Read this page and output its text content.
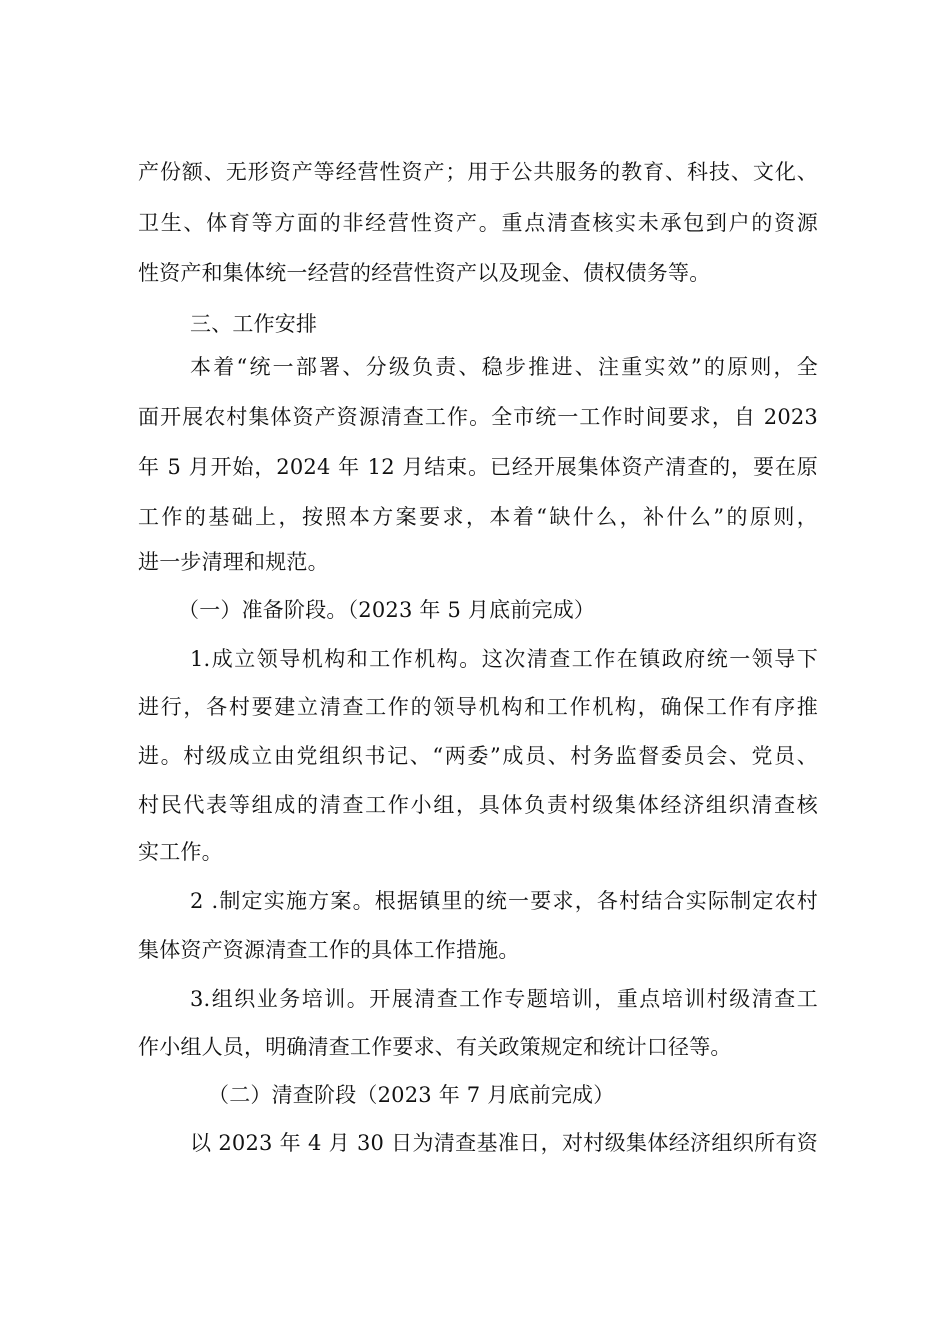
产份额、无形资产等经营性资产；用于公共服务的教育、科技、文化、
卫生、体育等方面的非经营性资产。重点清查核实未承包到户的资源
性资产和集体统一经营的经营性资产以及现金、债权债务等。
三、工作安排
本着“统一部署、分级负责、稳步推进、注重实效”的原则，全
面开展农村集体资产资源清查工作。全市统一工作时间要求，自 2023
年 5 月开始，2024 年 12 月结束。已经开展集体资产清查的，要在原
工作的基础上，按照本方案要求，本着“缺什么，补什么”的原则，
进一步清理和规范。
（一）准备阶段。（2023 年 5 月底前完成）
1.成立领导机构和工作机构。这次清查工作在镇政府统一领导下
进行，各村要建立清查工作的领导机构和工作机构，确保工作有序推
进。村级成立由党组织书记、“两委”成员、村务监督委员会、党员、
村民代表等组成的清查工作小组，具体负责村级集体经济组织清查核
实工作。
2 .制定实施方案。根据镇里的统一要求，各村结合实际制定农村
集体资产资源清查工作的具体工作措施。
3.组织业务培训。开展清查工作专题培训，重点培训村级清查工
作小组人员，明确清查工作要求、有关政策规定和统计口径等。
（二）清查阶段（2023 年 7 月底前完成）
以 2023 年 4 月 30 日为清查基准日，对村级集体经济组织所有资
